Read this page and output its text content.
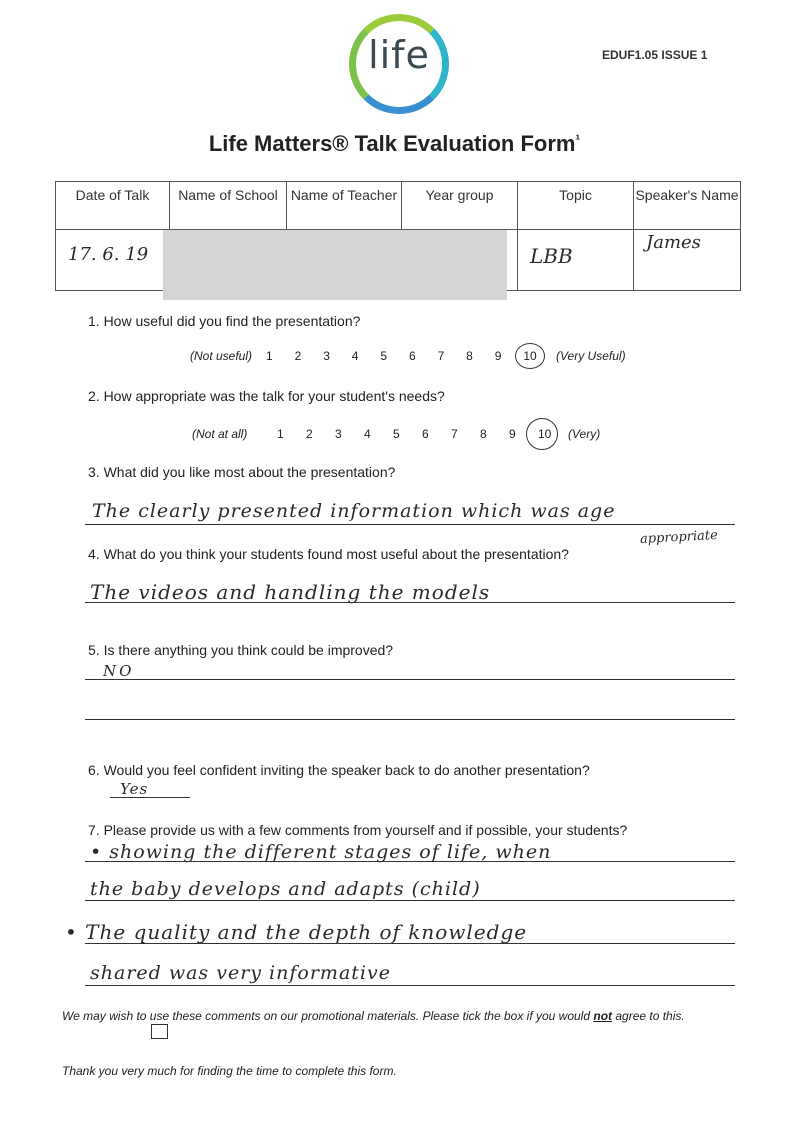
life	EDUF1.05 ISSUE 1
Life Matters® Talk Evaluation Form$^{^1}$
Date of Talk	Name of School	Name of Teacher	Year group	Topic	Speaker's Name

17. 6. 19				LBB	James
1. How useful did you find the presentation?
(Not useful) 1 2 3 4 5 6 7 8 9 10	(Very Useful)
2. How appropriate was the talk for your student's needs?
(Not at all) 1 2 3 4 5 6 7 8 9 10	(Very)
3. What did you like most about the presentation?
The clearly presented information which was age
appropriate
4. What do you think your students found most useful about the presentation?
The videos and handling the models
5. Is there anything you think could be improved?
NO
6. Would you feel confident inviting the speaker back to do another presentation?
Yes
7. Please provide us with a few comments from yourself and if possible, your students?
• showing the different stages of life, when
the baby develops and adapts (child)
• The quality and the depth of knowledge
shared was very informative
We may wish to use these comments on our promotional materials. Please tick the box if you would not agree to this.
Thank you very much for finding the time to complete this form.
